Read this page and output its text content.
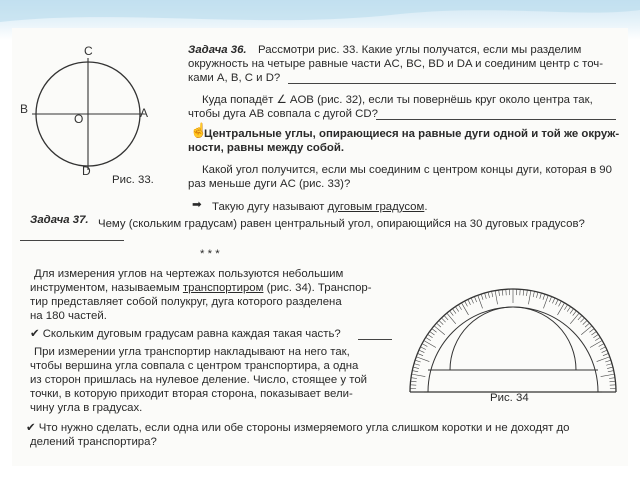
C
B	A
O
D
Рис. 33.
Задача 36. Рассмотри рис. 33. Какие углы получатся, если мы разделим
окружность на четыре равные части AC, BC, BD и DA и соединим центр с точ-
ками A, B, C и D?
Куда попадёт ∠ AOB (рис. 32), если ты повернёшь круг около центра так,
чтобы дуга AB совпала с дугой CD?
☝
Центральные углы, опирающиеся на равные дуги одной и той же окруж-
ности, равны между собой.
Какой угол получится, если мы соединим с центром концы дуги, которая в 90
раз меньше дуги AC (рис. 33)?
➡ Такую дугу называют дуговым градусом.
Задача 37. Чему (скольким градусам) равен центральный угол, опирающийся на 30 дуговых градусов?
* * *
Для измерения углов на чертежах пользуются небольшим
инструментом, называемым транспортиром (рис. 34). Транспор-
тир представляет собой полукруг, дуга которого разделена
на 180 частей.
✔ Скольким дуговым градусам равна каждая такая часть?
При измерении угла транспортир накладывают на него так,
чтобы вершина угла совпала с центром транспортира, а одна
из сторон пришлась на нулевое деление. Число, стоящее у той
точки, в которую приходит вторая сторона, показывает вели-
чину угла в градусах.
✔ Что нужно сделать, если одна или обе стороны измеряемого угла слишком коротки и не доходят до
делений транспортира?
Рис. 34
